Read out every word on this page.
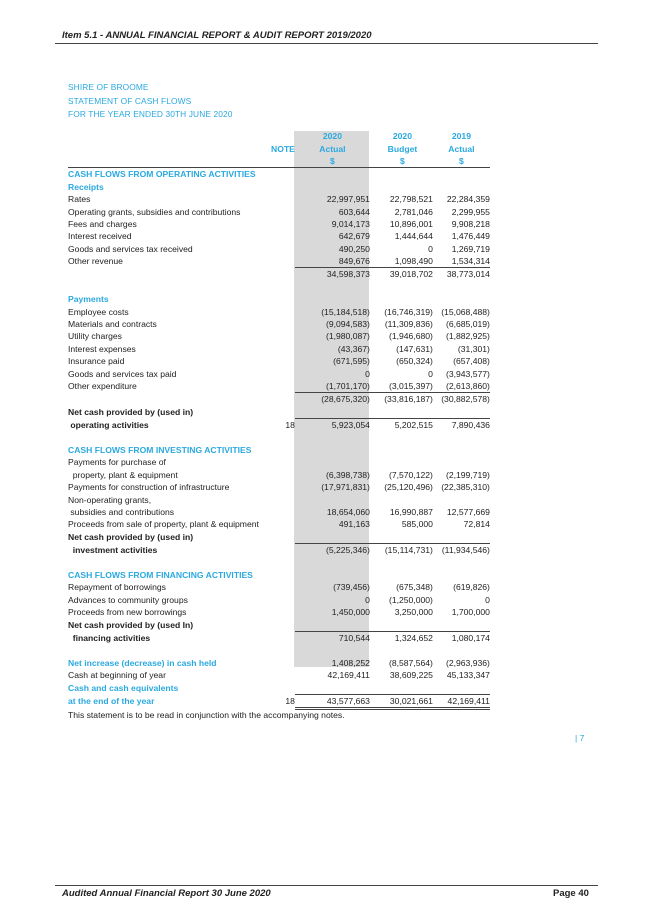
Item 5.1 - ANNUAL FINANCIAL REPORT & AUDIT REPORT 2019/2020
SHIRE OF BROOME
STATEMENT OF CASH FLOWS
FOR THE YEAR ENDED 30TH JUNE 2020
		2020	2020	2019
	NOTE	Actual	Budget	Actual
		$	$	$
CASH FLOWS FROM OPERATING ACTIVITIES				
Receipts				
Rates		22,997,951	22,798,521	22,284,359
Operating grants, subsidies and contributions		603,644	2,781,046	2,299,955
Fees and charges		9,014,173	10,896,001	9,908,218
Interest received		642,679	1,444,644	1,476,449
Goods and services tax received		490,250	0	1,269,719
Other revenue		849,676	1,098,490	1,534,314
		34,598,373	39,018,702	38,773,014

Payments				
Employee costs		(15,184,518)	(16,746,319)	(15,068,488)
Materials and contracts		(9,094,583)	(11,309,836)	(6,685,019)
Utility charges		(1,980,087)	(1,946,680)	(1,882,925)
Interest expenses		(43,367)	(147,631)	(31,301)
Insurance paid		(671,595)	(650,324)	(657,408)
Goods and services tax paid		0	0	(3,943,577)
Other expenditure		(1,701,170)	(3,015,397)	(2,613,860)
		(28,675,320)	(33,816,187)	(30,882,578)
Net cash provided by (used in)				
operating activities	18	5,923,054	5,202,515	7,890,436

CASH FLOWS FROM INVESTING ACTIVITIES				
Payments for purchase of				
property, plant & equipment		(6,398,738)	(7,570,122)	(2,199,719)
Payments for construction of infrastructure		(17,971,831)	(25,120,496)	(22,385,310)
Non-operating grants,				
subsidies and contributions		18,654,060	16,990,887	12,577,669
Proceeds from sale of property, plant & equipment		491,163	585,000	72,814
Net cash provided by (used in)				
investment activities		(5,225,346)	(15,114,731)	(11,934,546)

CASH FLOWS FROM FINANCING ACTIVITIES				
Repayment of borrowings		(739,456)	(675,348)	(619,826)
Advances to community groups		0	(1,250,000)	0
Proceeds from new borrowings		1,450,000	3,250,000	1,700,000
Net cash provided by (used In)				
financing activities		710,544	1,324,652	1,080,174

Net increase (decrease) in cash held		1,408,252	(8,587,564)	(2,963,936)
Cash at beginning of year		42,169,411	38,609,225	45,133,347
Cash and cash equivalents				
at the end of the year	18	43,577,663	30,021,661	42,169,411
This statement is to be read in conjunction with the accompanying notes.
| 7
Audited Annual Financial Report 30 June 2020	Page 40
